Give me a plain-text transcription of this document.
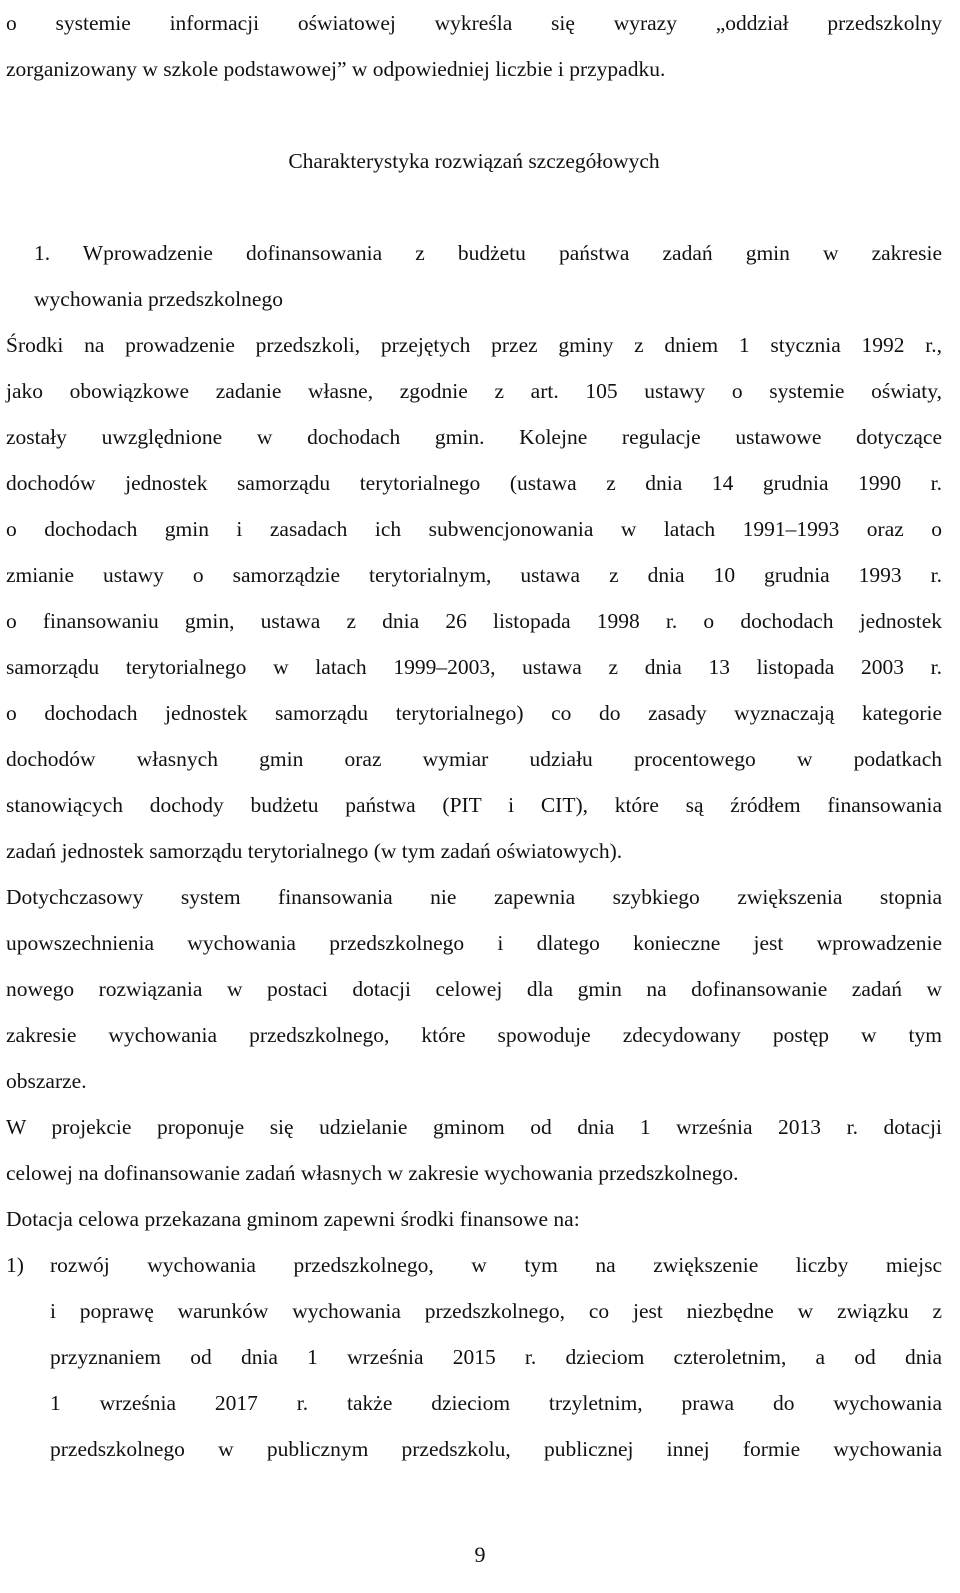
o systemie informacji oświatowej wykreśla się wyrazy „oddział przedszkolny
zorganizowany w szkole podstawowej” w odpowiedniej liczbie i przypadku.

Charakterystyka rozwiązań szczegółowych

1. Wprowadzenie dofinansowania z budżetu państwa zadań gmin w zakresie
wychowania przedszkolnego
Środki na prowadzenie przedszkoli, przejętych przez gminy z dniem 1 stycznia 1992 r.,
jako obowiązkowe zadanie własne, zgodnie z art. 105 ustawy o systemie oświaty,
zostały uwzględnione w dochodach gmin. Kolejne regulacje ustawowe dotyczące
dochodów jednostek samorządu terytorialnego (ustawa z dnia 14 grudnia 1990 r.
o dochodach gmin i zasadach ich subwencjonowania w latach 1991–1993 oraz o
zmianie ustawy o samorządzie terytorialnym, ustawa z dnia 10 grudnia 1993 r.
o finansowaniu gmin, ustawa z dnia 26 listopada 1998 r. o dochodach jednostek
samorządu terytorialnego w latach 1999–2003, ustawa z dnia 13 listopada 2003 r.
o dochodach jednostek samorządu terytorialnego) co do zasady wyznaczają kategorie
dochodów własnych gmin oraz wymiar udziału procentowego w podatkach
stanowiących dochody budżetu państwa (PIT i CIT), które są źródłem finansowania
zadań jednostek samorządu terytorialnego (w tym zadań oświatowych).
Dotychczasowy system finansowania nie zapewnia szybkiego zwiększenia stopnia
upowszechnienia wychowania przedszkolnego i dlatego konieczne jest wprowadzenie
nowego rozwiązania w postaci dotacji celowej dla gmin na dofinansowanie zadań w
zakresie wychowania przedszkolnego, które spowoduje zdecydowany postęp w tym
obszarze.
W projekcie proponuje się udzielanie gminom od dnia 1 września 2013 r. dotacji
celowej na dofinansowanie zadań własnych w zakresie wychowania przedszkolnego.
Dotacja celowa przekazana gminom zapewni środki finansowe na:
1) rozwój wychowania przedszkolnego, w tym na zwiększenie liczby miejsc
i poprawę warunków wychowania przedszkolnego, co jest niezbędne w związku z
przyznaniem od dnia 1 września 2015 r. dzieciom czteroletnim, a od dnia
1 września 2017 r. także dzieciom trzyletnim, prawa do wychowania
przedszkolnego w publicznym przedszkolu, publicznej innej formie wychowania
9
